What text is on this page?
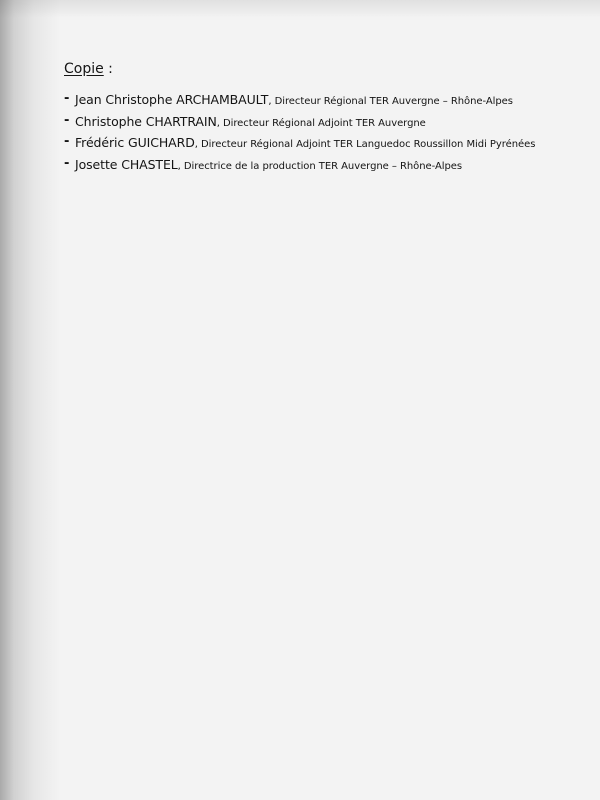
Copie :

- Jean Christophe ARCHAMBAULT, Directeur Régional TER Auvergne – Rhône-Alpes
- Christophe CHARTRAIN, Directeur Régional Adjoint TER Auvergne
- Frédéric GUICHARD, Directeur Régional Adjoint TER Languedoc Roussillon Midi Pyrénées
- Josette CHASTEL, Directrice de la production TER Auvergne – Rhône-Alpes
